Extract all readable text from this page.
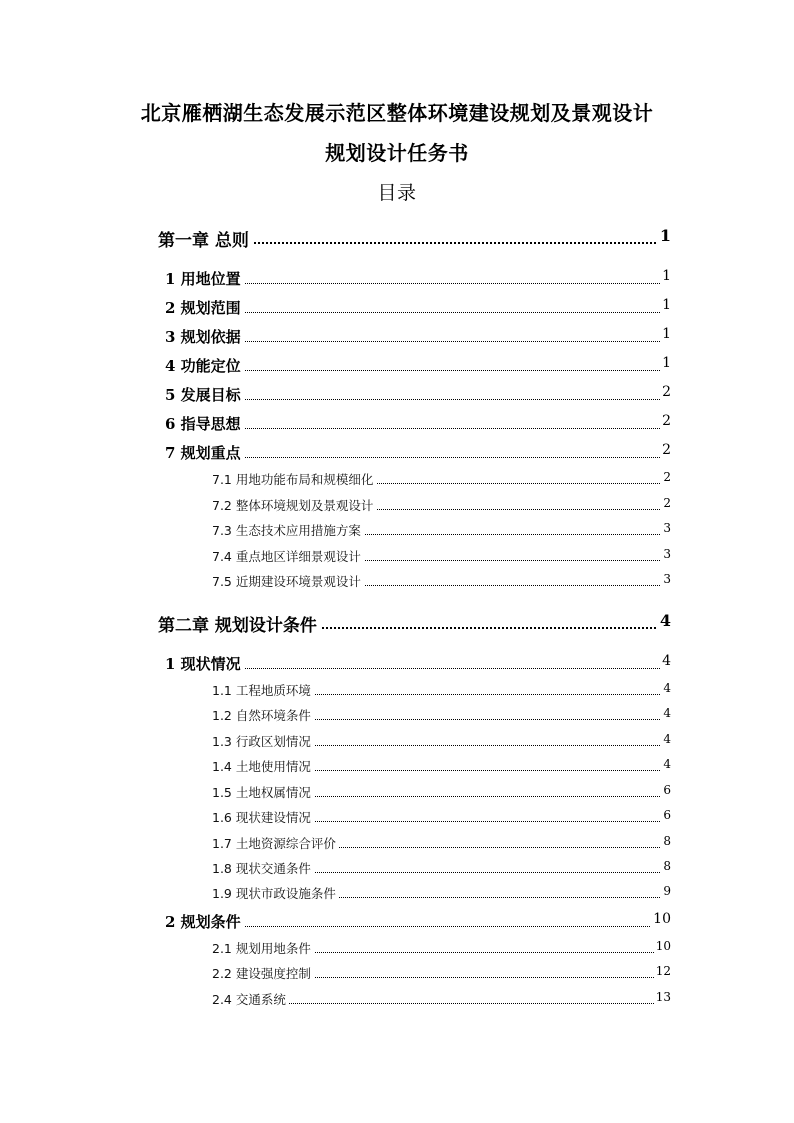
北京雁栖湖生态发展示范区整体环境建设规划及景观设计
规划设计任务书
目录
第一章 总则	1
1 用地位置	1
2 规划范围	1
3 规划依据	1
4 功能定位	1
5 发展目标	2
6 指导思想	2
7 规划重点	2
7.1 用地功能布局和规模细化	2
7.2 整体环境规划及景观设计	2
7.3 生态技术应用措施方案	3
7.4 重点地区详细景观设计	3
7.5 近期建设环境景观设计	3
第二章 规划设计条件	4
1 现状情况	4
1.1 工程地质环境	4
1.2 自然环境条件	4
1.3 行政区划情况	4
1.4 土地使用情况	4
1.5 土地权属情况	6
1.6 现状建设情况	6
1.7 土地资源综合评价	8
1.8 现状交通条件	8
1.9 现状市政设施条件	9
2 规划条件	10
2.1 规划用地条件	10
2.2 建设强度控制	12
2.4 交通系统	13
